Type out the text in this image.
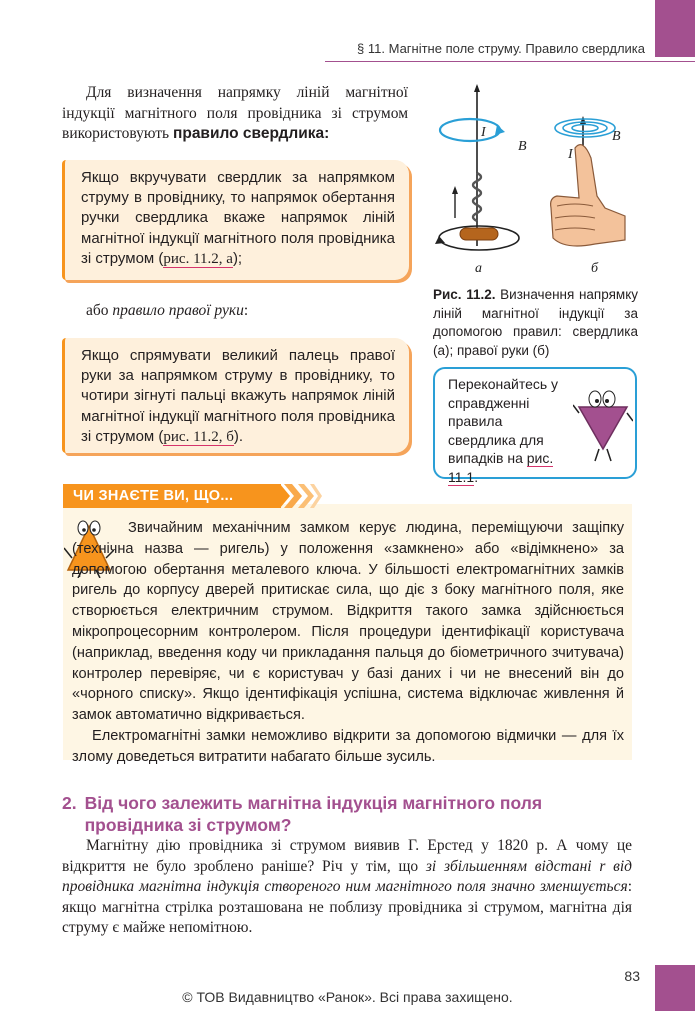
§ 11. Магнітне поле струму. Правило свердлика

Для визначення напрямку ліній магнітної індукції магнітного поля провідника зі струмом використовують правило свердлика:

Якщо вкручувати свердлик за напрямком струму в провіднику, то напрямок обертання ручки свердлика вкаже напрямок ліній магнітної індукції магнітного поля провідника зі струмом (рис. 11.2, а);
або правило правої руки:
Якщо спрямувати великий палець правої руки за напрямком струму в провіднику, то чотири зігнуті пальці вкажуть напрямок ліній магнітної індукції магнітного поля провідника зі струмом (рис. 11.2, б).
I
B
а
I
B
б
Рис. 11.2. Визначення напрямку ліній магнітної індукції за допомогою правил: свердлика (а); правої руки (б)
Переконайтесь у справдженні правила свердлика для випадків на рис. 11.1.
ЧИ ЗНАЄТЕ ВИ, ЩО...

Звичайним механічним замком керує людина, переміщуючи защіпку (технічна назва — ригель) у положення «замкнено» або «відімкнено» за допомогою обертання металевого ключа. У більшості електромагнітних замків ригель до корпусу дверей притискає сила, що діє з боку магнітного поля, яке створюється електричним струмом. Відкриття такого замка здійснюється мікропроцесорним контролером. Після процедури ідентифікації користувача (наприклад, введення коду чи прикладання пальця до біометричного зчитувача) контролер перевіряє, чи є користувач у базі даних і чи не внесений він до «чорного списку». Якщо ідентифікація успішна, система відключає живлення й замок автоматично відкривається.

Електромагнітні замки неможливо відкрити за допомогою відмички — для їх злому доведеться витратити набагато більше зусиль.

2.	Від чого залежить магнітна індукція магнітного поля провідника зі струмом?

Магнітну дію провідника зі струмом виявив Г. Ерстед у 1820 р. А чому це відкриття не було зроблено раніше? Річ у тім, що зі збільшенням відстані r від провідника магнітна індукція створеного ним магнітного поля значно зменшується: якщо магнітна стрілка розташована не поблизу провідника зі струмом, магнітна дія струму є майже непомітною.

83
© ТОВ Видавництво «Ранок». Всі права захищено.
